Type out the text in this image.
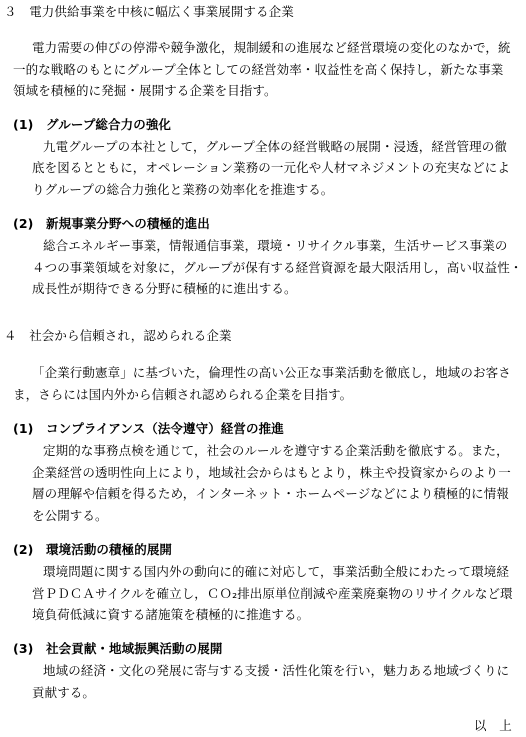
３　電力供給事業を中核に幅広く事業展開する企業
電力需要の伸びの停滞や競争激化，規制緩和の進展など経営環境の変化のなかで，統
一的な戦略のもとにグループ全体としての経営効率・収益性を高く保持し，新たな事業
領域を積極的に発掘・展開する企業を目指す。
(1)　グループ総合力の強化
九電グループの本社として，グループ全体の経営戦略の展開・浸透，経営管理の徹
底を図るとともに，オペレーション業務の一元化や人材マネジメントの充実などによ
りグループの総合力強化と業務の効率化を推進する。
(2)　新規事業分野への積極的進出
総合エネルギー事業，情報通信事業，環境・リサイクル事業，生活サービス事業の
４つの事業領域を対象に，グループが保有する経営資源を最大限活用し，高い収益性・
成長性が期待できる分野に積極的に進出する。
４　社会から信頼され，認められる企業
「企業行動憲章」に基づいた，倫理性の高い公正な事業活動を徹底し，地域のお客さ
ま，さらには国内外から信頼され認められる企業を目指す。
(1)　コンプライアンス（法令遵守）経営の推進
定期的な事務点検を通じて，社会のルールを遵守する企業活動を徹底する。また，
企業経営の透明性向上により，地域社会からはもとより，株主や投資家からのより一
層の理解や信頼を得るため，インターネット・ホームページなどにより積極的に情報
を公開する。
(2)　環境活動の積極的展開
環境問題に関する国内外の動向に的確に対応して，事業活動全般にわたって環境経
営ＰＤＣＡサイクルを確立し，ＣＯ₂排出原単位削減や産業廃棄物のリサイクルなど環
境負荷低減に資する諸施策を積極的に推進する。
(3)　社会貢献・地域振興活動の展開
地域の経済・文化の発展に寄与する支援・活性化策を行い，魅力ある地域づくりに
貢献する。
以　上
